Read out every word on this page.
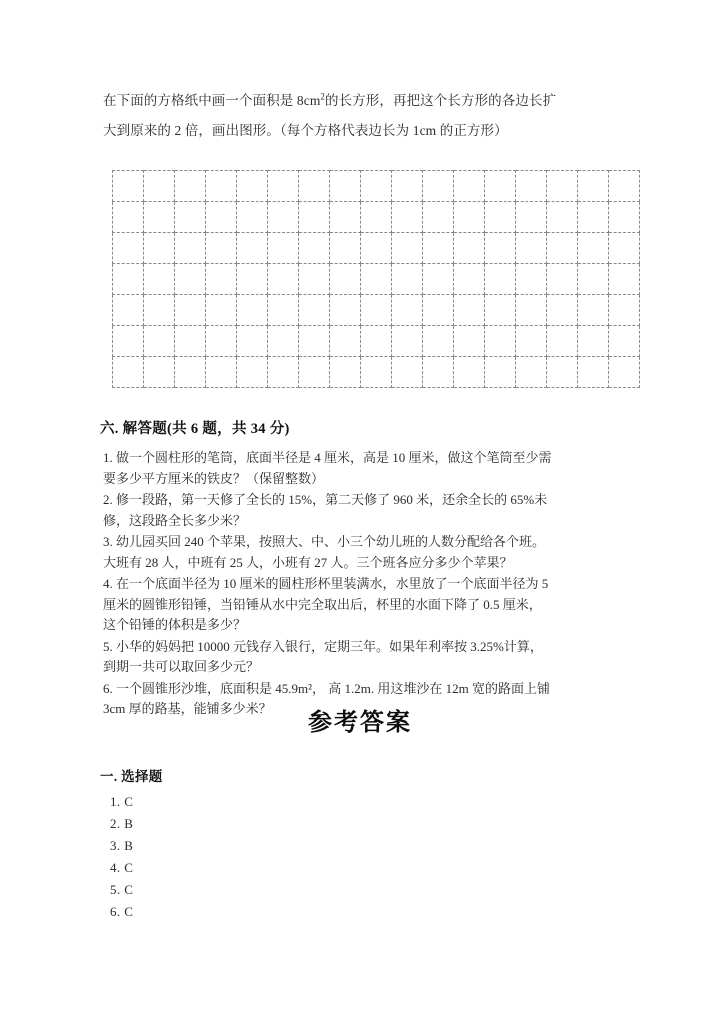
在下面的方格纸中画一个面积是 $8cm^2$的长方形，再把这个长方形的各边长扩
大到原来的 2 倍，画出图形。（每个方格代表边长为 1cm 的正方形）

六. 解答题(共 6 题，共 34 分)
1. 做一个圆柱形的笔筒，底面半径是 4 厘米，高是 10 厘米，做这个笔筒至少需
要多少平方厘米的铁皮？（保留整数）
2. 修一段路，第一天修了全长的 15%，第二天修了 960 米，还余全长的 65%未
修，这段路全长多少米？
3. 幼儿园买回 240 个苹果，按照大、中、小三个幼儿班的人数分配给各个班。
大班有 28 人，中班有 25 人，小班有 27 人。三个班各应分多少个苹果？
4. 在一个底面半径为 10 厘米的圆柱形杯里装满水，水里放了一个底面半径为 5
厘米的圆锥形铅锤，当铅锤从水中完全取出后，杯里的水面下降了 0.5 厘米，
这个铅锤的体积是多少？
5. 小华的妈妈把 10000 元钱存入银行，定期三年。如果年利率按 3.25%计算，
到期一共可以取回多少元？
6. 一个圆锥形沙堆，底面积是 45.9m²， 高 1.2m. 用这堆沙在 12m 宽的路面上铺
3cm 厚的路基，能铺多少米？
参考答案
一. 选择题
1. C
2. B
3. B
4. C
5. C
6. C
